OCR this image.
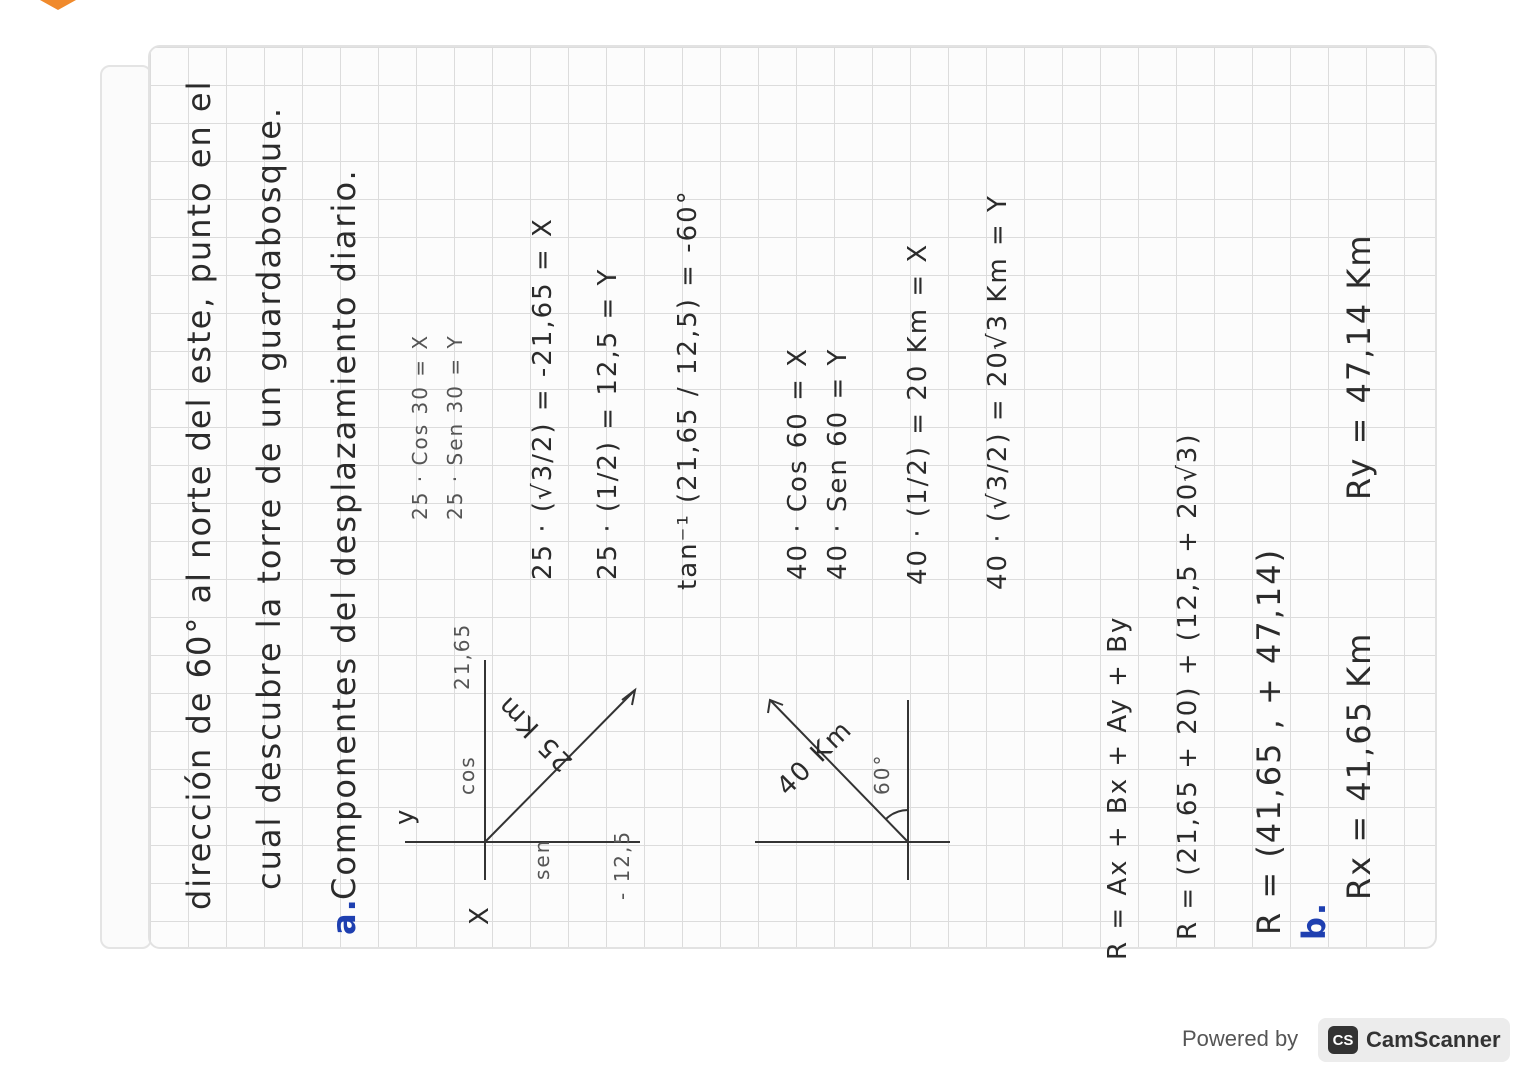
dirección de 60° al norte del este, punto en el cual descubre la torre de un guardabosque.
a.
Componentes del desplazamiento diario. y
X
cos
sen
21,65
- 12,5
25 Km	40 Km 60°
25 · Cos 30 = X 25 · Sen 30 = Y 25 · (√3/2) = -21,65 = X 25 · (1/2) = 12,5 = Y tan⁻¹ (21,65 / 12,5) = -60°	40 · Cos 60 = X 40 · Sen 60 = Y 40 · (1/2) = 20 Km = X 40 · (√3/2) = 20√3 Km = Y
R = Ax + Bx + Ay + By R = (21,65 + 20) + (12,5 + 20√3) R = (41,65 , + 47,14) b.
Rx = 41,65 Km
Ry = 47,14 Km
Powered by	CS CamScanner
